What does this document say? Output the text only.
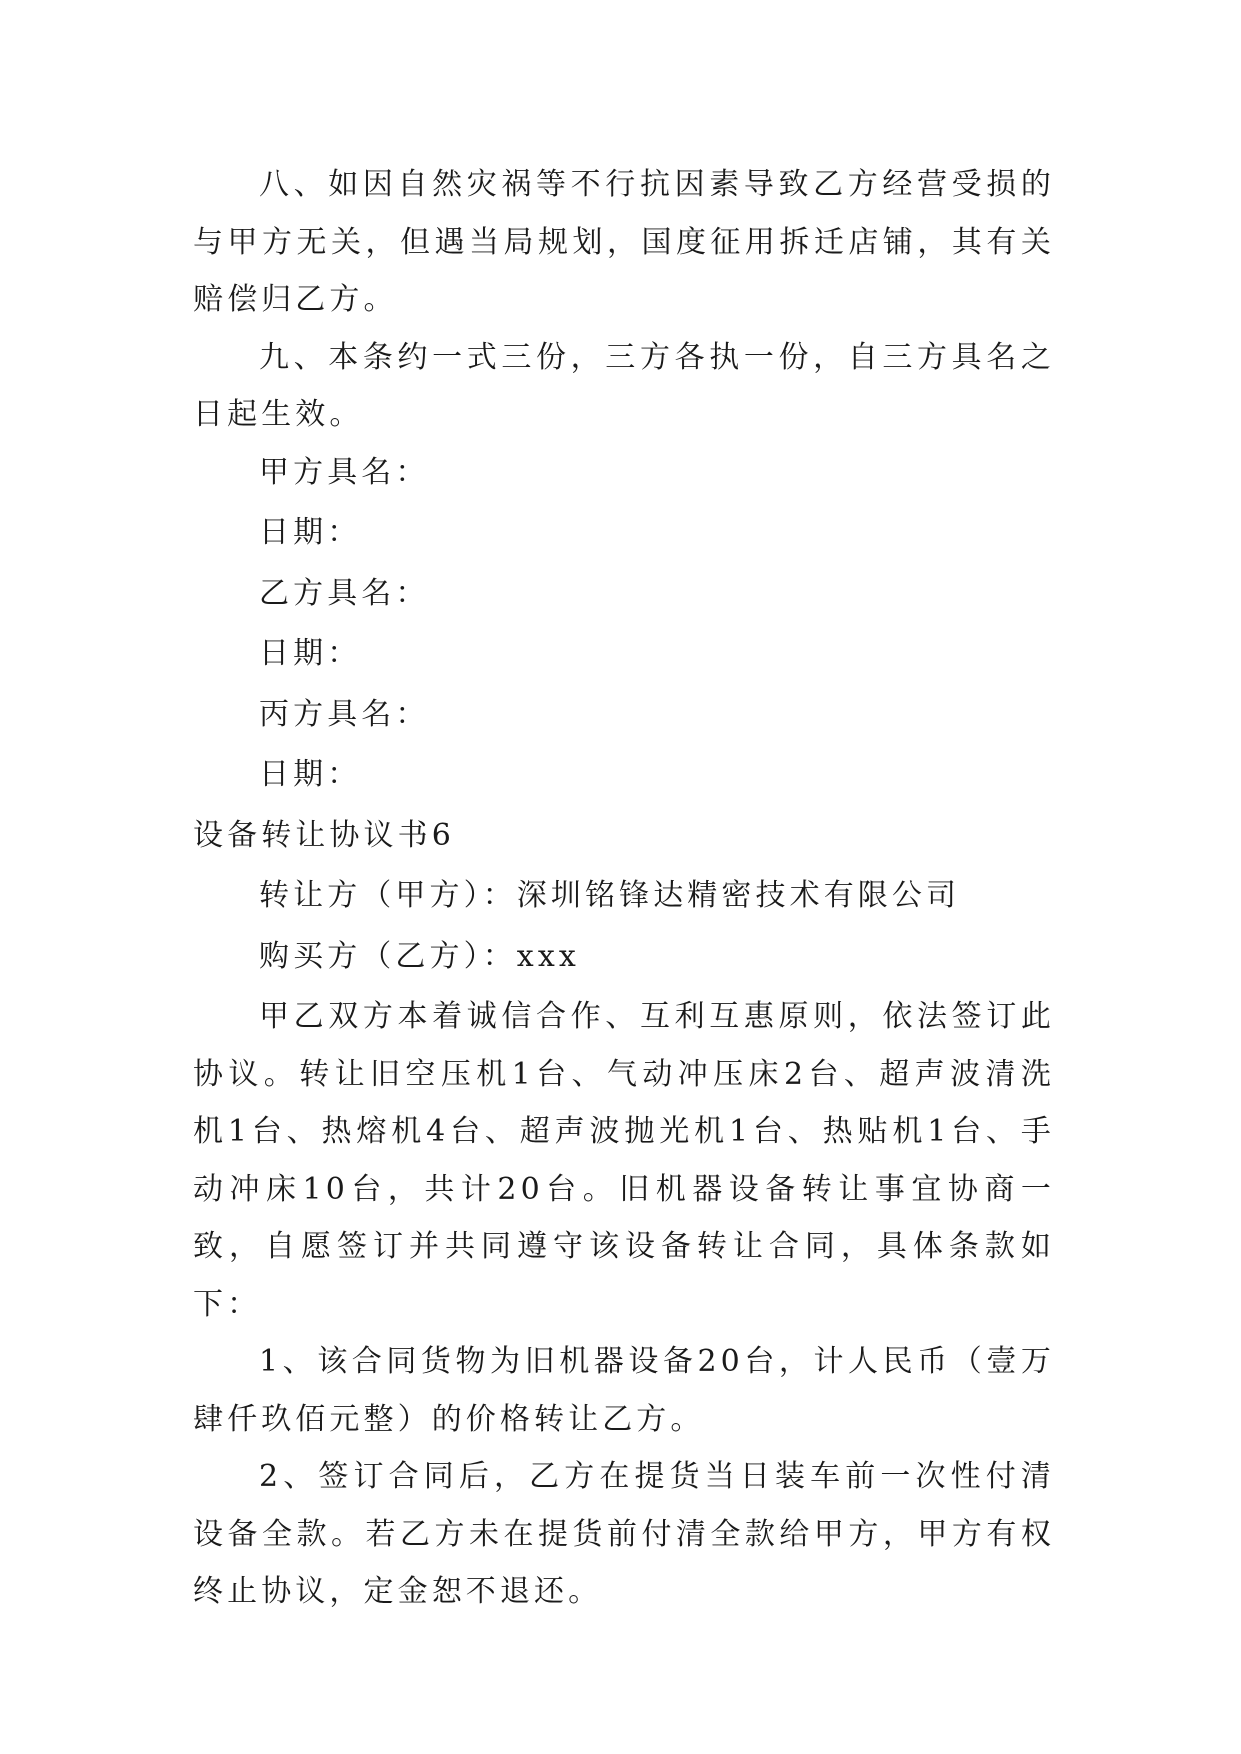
八、如因自然灾祸等不行抗因素导致乙方经营受损的与甲方无关，但遇当局规划，国度征用拆迁店铺，其有关赔偿归乙方。

九、本条约一式三份，三方各执一份，自三方具名之日起生效。

甲方具名：

日期：

乙方具名：

日期：

丙方具名：

日期：

设备转让协议书6

转让方（甲方）：深圳铭锋达精密技术有限公司

购买方（乙方）：xxx

甲乙双方本着诚信合作、互利互惠原则，依法签订此协议。转让旧空压机1台、气动冲压床2台、超声波清洗机1台、热熔机4台、超声波抛光机1台、热贴机1台、手动冲床10台，共计20台。旧机器设备转让事宜协商一致，自愿签订并共同遵守该设备转让合同，具体条款如下：

1、该合同货物为旧机器设备20台，计人民币（壹万肆仟玖佰元整）的价格转让乙方。

2、签订合同后，乙方在提货当日装车前一次性付清设备全款。若乙方未在提货前付清全款给甲方，甲方有权终止协议，定金恕不退还。
